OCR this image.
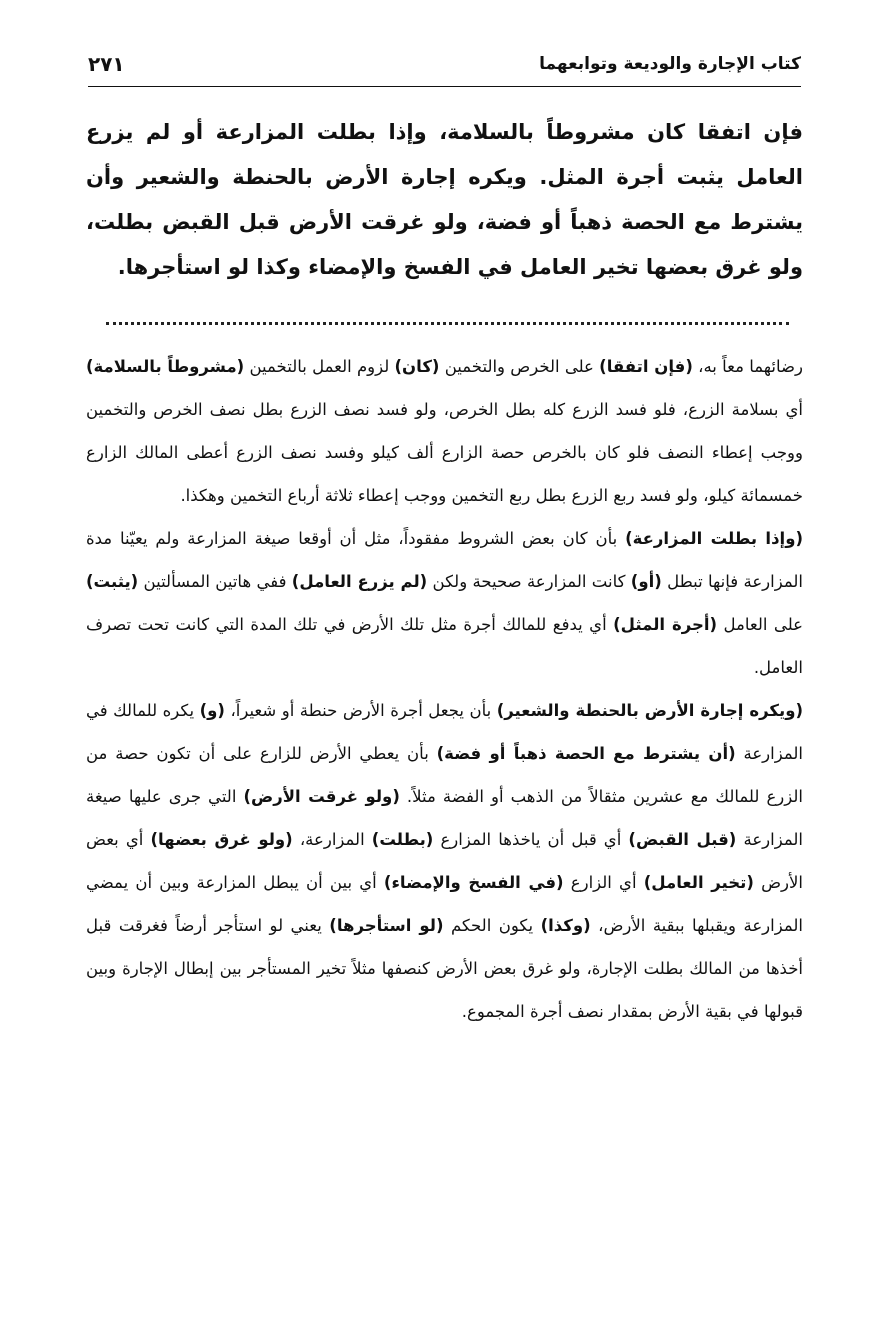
كتاب الإجارة والوديعة وتوابعهما
٢٧١
فإن اتفقا كان مشروطاً بالسلامة، وإذا بطلت المزارعة أو لم يزرع العامل يثبت أجرة المثل. ويكره إجارة الأرض بالحنطة والشعير وأن يشترط مع الحصة ذهباً أو فضة، ولو غرقت الأرض قبل القبض بطلت، ولو غرق بعضها تخير العامل في الفسخ والإمضاء وكذا لو استأجرها.

رضائهما معاً به، (فإن اتفقا) على الخرص والتخمين (كان) لزوم العمل بالتخمين (مشروطاً بالسلامة) أي بسلامة الزرع، فلو فسد الزرع كله بطل الخرص، ولو فسد نصف الزرع بطل نصف الخرص والتخمين ووجب إعطاء النصف فلو كان بالخرص حصة الزارع ألف كيلو وفسد نصف الزرع أعطى المالك الزارع خمسمائة كيلو، ولو فسد ربع الزرع بطل ربع التخمين ووجب إعطاء ثلاثة أرباع التخمين وهكذا.

(وإذا بطلت المزارعة) بأن كان بعض الشروط مفقوداً، مثل أن أوقعا صيغة المزارعة ولم يعيّنا مدة المزارعة فإنها تبطل (أو) كانت المزارعة صحيحة ولكن (لم يزرع العامل) ففي هاتين المسألتين (يثبت) على العامل (أجرة المثل) أي يدفع للمالك أجرة مثل تلك الأرض في تلك المدة التي كانت تحت تصرف العامل.

(ويكره إجارة الأرض بالحنطة والشعير) بأن يجعل أجرة الأرض حنطة أو شعيراً، (و) يكره للمالك في المزارعة (أن يشترط مع الحصة ذهباً أو فضة) بأن يعطي الأرض للزارع على أن تكون حصة من الزرع للمالك مع عشرين مثقالاً من الذهب أو الفضة مثلاً. (ولو غرقت الأرض) التي جرى عليها صيغة المزارعة (قبل القبض) أي قبل أن ياخذها المزارع (بطلت) المزارعة، (ولو غرق بعضها) أي بعض الأرض (تخير العامل) أي الزارع (في الفسخ والإمضاء) أي بين أن يبطل المزارعة وبين أن يمضي المزارعة ويقبلها ببقية الأرض، (وكذا) يكون الحكم (لو استأجرها) يعني لو استأجر أرضاً فغرقت قبل أخذها من المالك بطلت الإجارة، ولو غرق بعض الأرض كنصفها مثلاً تخير المستأجر بين إبطال الإجارة وبين قبولها في بقية الأرض بمقدار نصف أجرة المجموع.
